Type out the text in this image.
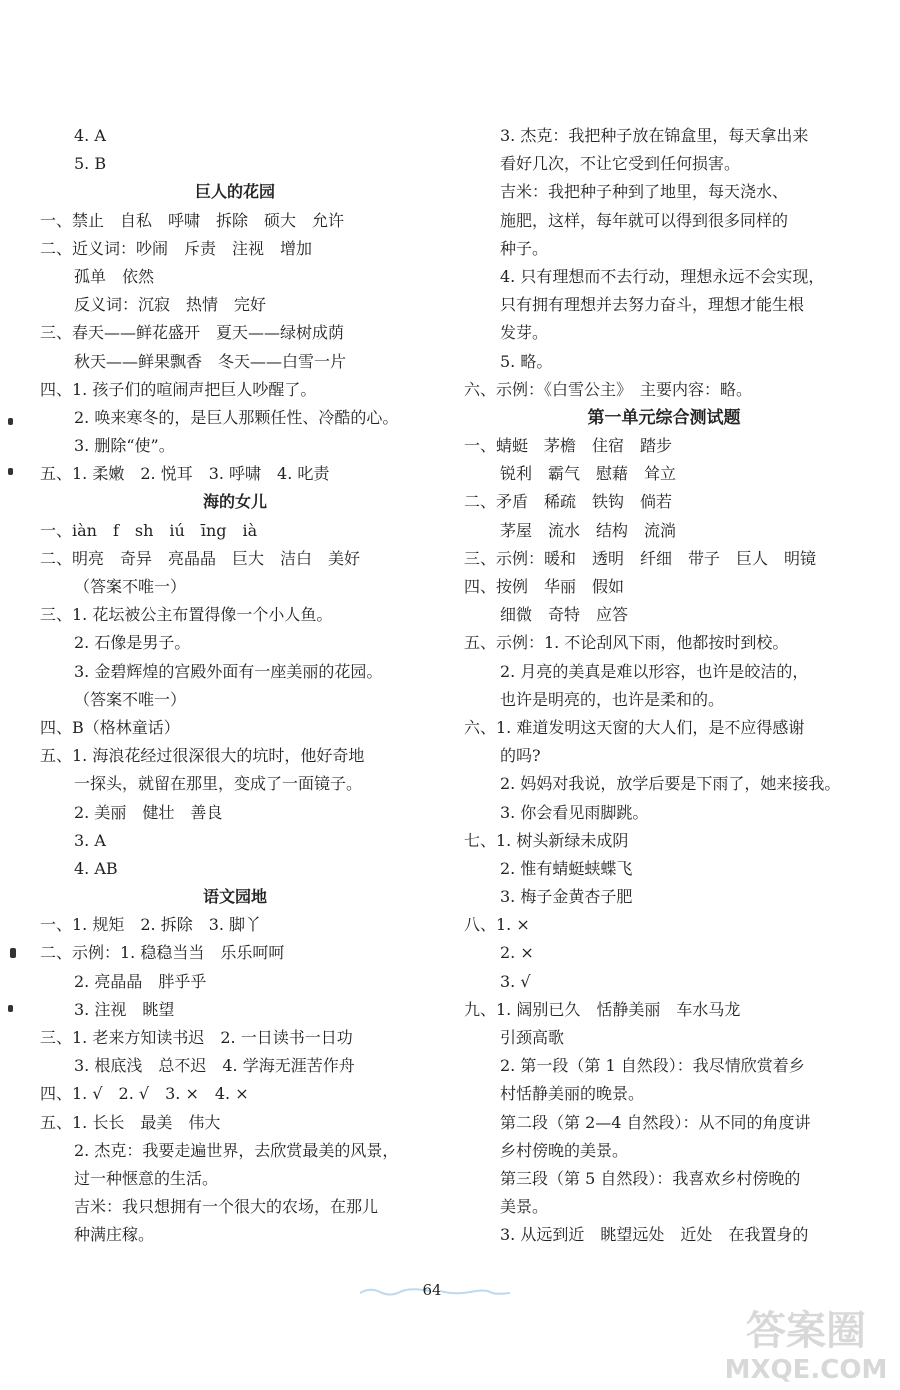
4. A
5. B
巨人的花园
一、禁止　自私　呼啸　拆除　硕大　允许
二、近义词：吵闹　斥责　注视　增加
孤单　依然
反义词：沉寂　热情　完好
三、春天——鲜花盛开　夏天——绿树成荫
秋天——鲜果飘香　冬天——白雪一片
四、1. 孩子们的喧闹声把巨人吵醒了。
2. 唤来寒冬的，是巨人那颗任性、冷酷的心。
3. 删除“使”。
五、1. 柔嫩　2. 悦耳　3. 呼啸　4. 叱责
海的女儿
一、iàn　f　sh　iú　īng　ià
二、明亮　奇异　亮晶晶　巨大　洁白　美好
（答案不唯一）
三、1. 花坛被公主布置得像一个小人鱼。
2. 石像是男子。
3. 金碧辉煌的宫殿外面有一座美丽的花园。
（答案不唯一）
四、B（格林童话）
五、1. 海浪花经过很深很大的坑时，他好奇地
一探头，就留在那里，变成了一面镜子。
2. 美丽　健壮　善良
3. A
4. AB
语文园地
一、1. 规矩　2. 拆除　3. 脚丫
二、示例：1. 稳稳当当　乐乐呵呵
2. 亮晶晶　胖乎乎
3. 注视　眺望
三、1. 老来方知读书迟　2. 一日读书一日功
3. 根底浅　总不迟　4. 学海无涯苦作舟
四、1. √　2. √　3. ×　4. ×
五、1. 长长　最美　伟大
2. 杰克：我要走遍世界，去欣赏最美的风景，
过一种惬意的生活。
吉米：我只想拥有一个很大的农场，在那儿
种满庄稼。
3. 杰克：我把种子放在锦盒里，每天拿出来
看好几次，不让它受到任何损害。
吉米：我把种子种到了地里，每天浇水、
施肥，这样，每年就可以得到很多同样的
种子。
4. 只有理想而不去行动，理想永远不会实现，
只有拥有理想并去努力奋斗，理想才能生根
发芽。
5. 略。
六、示例：《白雪公主》　主要内容：略。
第一单元综合测试题
一、蜻蜓　茅檐　住宿　踏步
锐利　霸气　慰藉　耸立
二、矛盾　稀疏　铁钩　倘若
茅屋　流水　结构　流淌
三、示例：暖和　透明　纤细　带子　巨人　明镜
四、按例　华丽　假如
细微　奇特　应答
五、示例：1. 不论刮风下雨，他都按时到校。
2. 月亮的美真是难以形容，也许是皎洁的，
也许是明亮的，也许是柔和的。
六、1. 难道发明这天窗的大人们，是不应得感谢
的吗?
2. 妈妈对我说，放学后要是下雨了，她来接我。
3. 你会看见雨脚跳。
七、1. 树头新绿未成阴
2. 惟有蜻蜓蛱蝶飞
3. 梅子金黄杏子肥
八、1. ×
2. ×
3. √
九、1. 阔别已久　恬静美丽　车水马龙
引颈高歌
2. 第一段（第 1 自然段）：我尽情欣赏着乡
村恬静美丽的晚景。
第二段（第 2—4 自然段）：从不同的角度讲
乡村傍晚的美景。
第三段（第 5 自然段）：我喜欢乡村傍晚的
美景。
3. 从远到近　眺望远处　近处　在我置身的
64
答案圈
MXQE.COM
